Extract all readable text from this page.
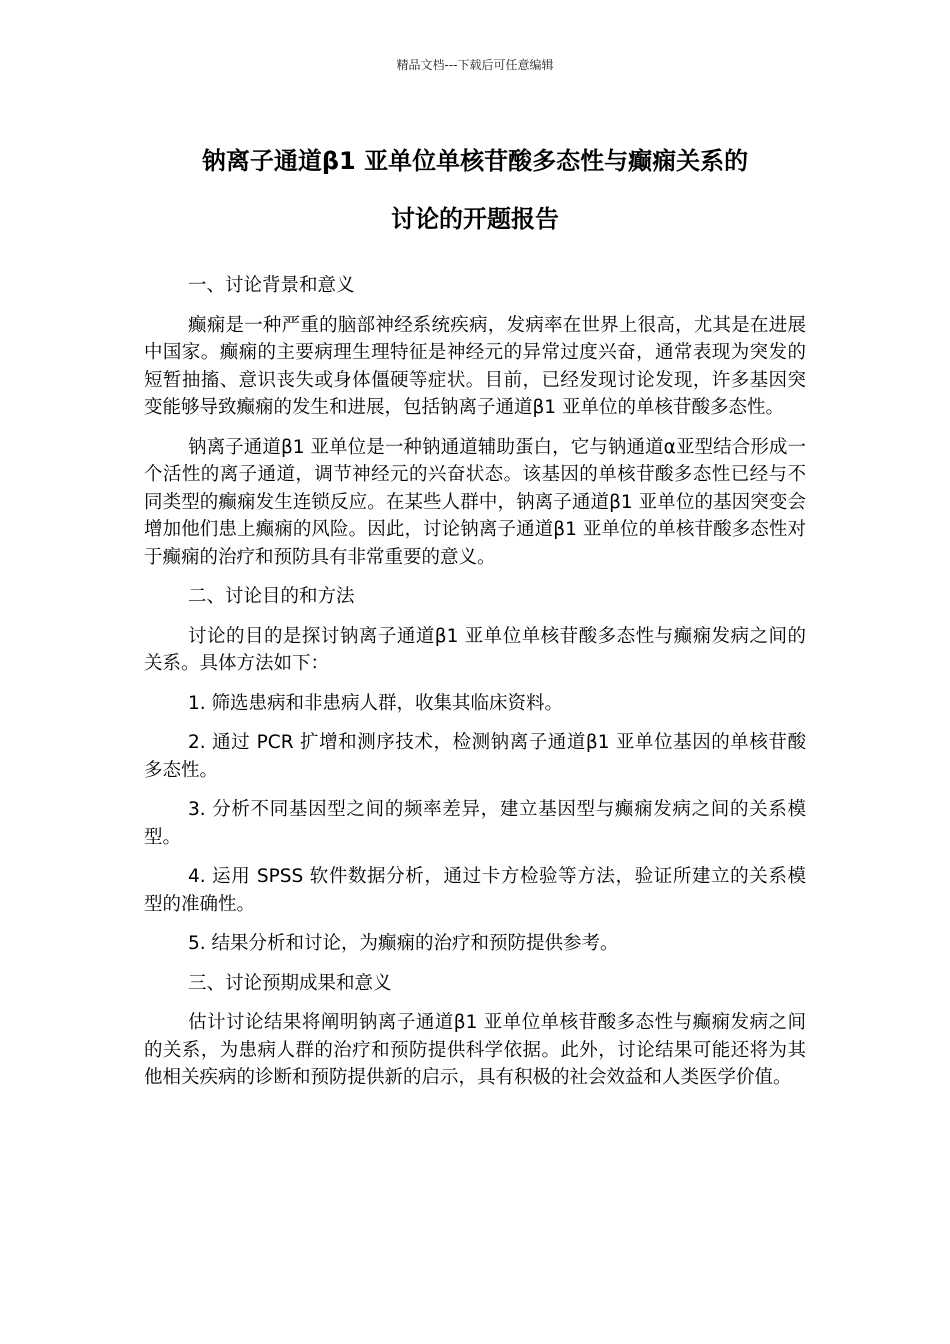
精品文档---下载后可任意编辑
钠离子通道β1 亚单位单核苷酸多态性与癫痫关系的
讨论的开题报告

一、讨论背景和意义

癫痫是一种严重的脑部神经系统疾病，发病率在世界上很高，尤其是在进展中国家。癫痫的主要病理生理特征是神经元的异常过度兴奋，通常表现为突发的短暂抽搐、意识丧失或身体僵硬等症状。目前，已经发现讨论发现，许多基因突变能够导致癫痫的发生和进展，包括钠离子通道β1 亚单位的单核苷酸多态性。

钠离子通道β1 亚单位是一种钠通道辅助蛋白，它与钠通道α亚型结合形成一个活性的离子通道，调节神经元的兴奋状态。该基因的单核苷酸多态性已经与不同类型的癫痫发生连锁反应。在某些人群中，钠离子通道β1 亚单位的基因突变会增加他们患上癫痫的风险。因此，讨论钠离子通道β1 亚单位的单核苷酸多态性对于癫痫的治疗和预防具有非常重要的意义。

二、讨论目的和方法

讨论的目的是探讨钠离子通道β1 亚单位单核苷酸多态性与癫痫发病之间的关系。具体方法如下：

1. 筛选患病和非患病人群，收集其临床资料。

2. 通过 PCR 扩增和测序技术，检测钠离子通道β1 亚单位基因的单核苷酸多态性。

3. 分析不同基因型之间的频率差异，建立基因型与癫痫发病之间的关系模型。

4. 运用 SPSS 软件数据分析，通过卡方检验等方法，验证所建立的关系模型的准确性。

5. 结果分析和讨论，为癫痫的治疗和预防提供参考。

三、讨论预期成果和意义

估计讨论结果将阐明钠离子通道β1 亚单位单核苷酸多态性与癫痫发病之间的关系，为患病人群的治疗和预防提供科学依据。此外，讨论结果可能还将为其他相关疾病的诊断和预防提供新的启示，具有积极的社会效益和人类医学价值。
